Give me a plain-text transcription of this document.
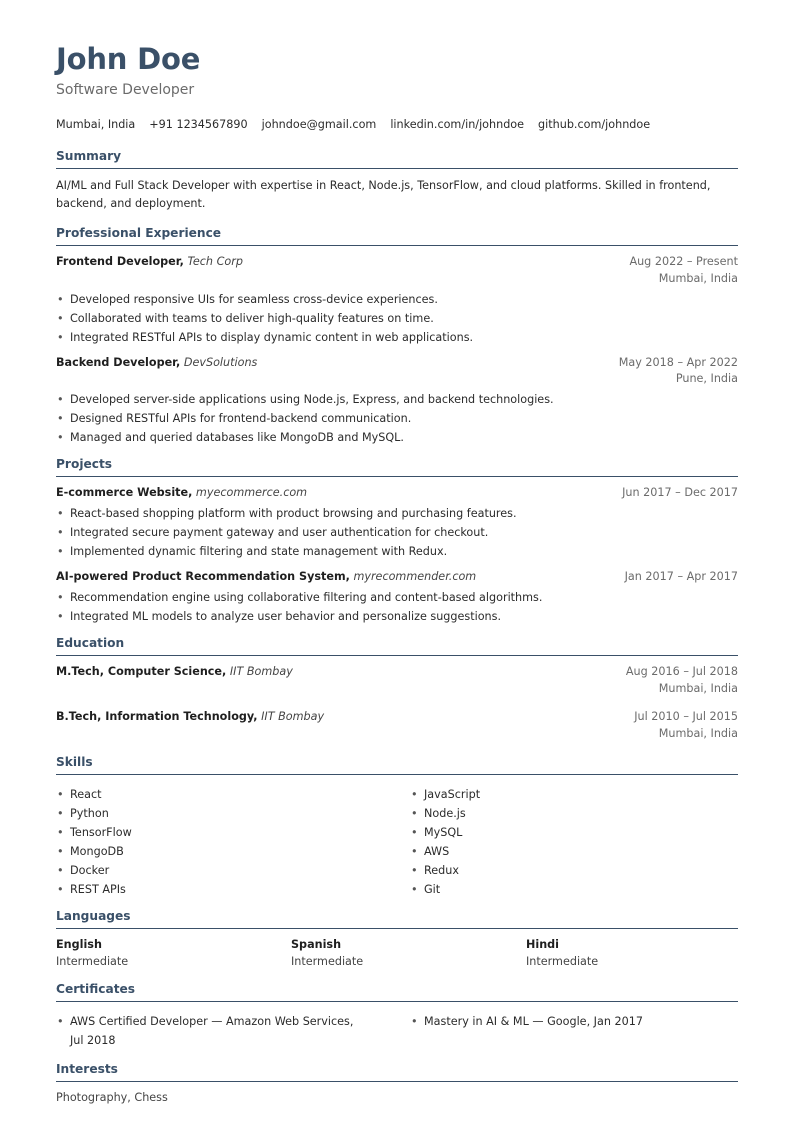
John Doe
Software Developer
Mumbai, India +91 1234567890 johndoe@gmail.com linkedin.com/in/johndoe github.com/johndoe
Summary
AI/ML and Full Stack Developer with expertise in React, Node.js, TensorFlow, and cloud platforms. Skilled in frontend, backend, and deployment.
Professional Experience
Frontend Developer, Tech Corp	Aug 2022 – Present
Mumbai, India
• Developed responsive UIs for seamless cross-device experiences.
• Collaborated with teams to deliver high-quality features on time.
• Integrated RESTful APIs to display dynamic content in web applications.
Backend Developer, DevSolutions	May 2018 – Apr 2022
Pune, India
• Developed server-side applications using Node.js, Express, and backend technologies.
• Designed RESTful APIs for frontend-backend communication.
• Managed and queried databases like MongoDB and MySQL.
Projects
E-commerce Website, myecommerce.com	Jun 2017 – Dec 2017
• React-based shopping platform with product browsing and purchasing features.
• Integrated secure payment gateway and user authentication for checkout.
• Implemented dynamic filtering and state management with Redux.
AI-powered Product Recommendation System, myrecommender.com	Jan 2017 – Apr 2017
• Recommendation engine using collaborative filtering and content-based algorithms.
• Integrated ML models to analyze user behavior and personalize suggestions.
Education
M.Tech, Computer Science, IIT Bombay	Aug 2016 – Jul 2018
Mumbai, India
B.Tech, Information Technology, IIT Bombay	Jul 2010 – Jul 2015
Mumbai, India
Skills
• React
• Python
• TensorFlow
• MongoDB
• Docker
• REST APIs
• JavaScript
• Node.js
• MySQL
• AWS
• Redux
• Git
Languages
English
Intermediate
Spanish
Intermediate
Hindi
Intermediate
Certificates
• AWS Certified Developer — Amazon Web Services, Jul 2018
• Mastery in AI & ML — Google, Jan 2017
Interests
Photography, Chess
